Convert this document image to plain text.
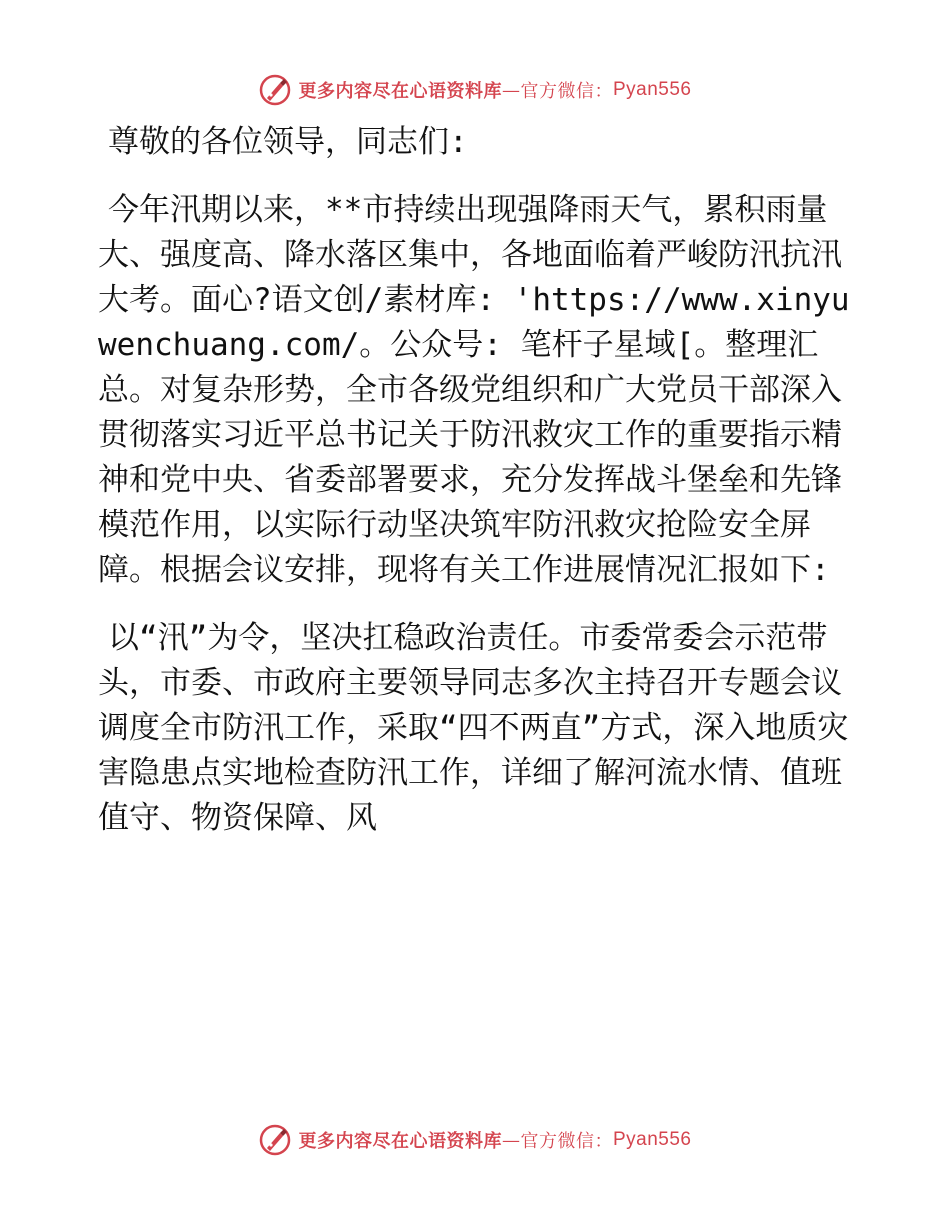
更多内容尽在心语资料库 — 官方微信： Pyan556

尊敬的各位领导，同志们:

今年汛期以来，**市持续出现强降雨天气，累积雨量大、强度高、降水落区集中，各地面临着严峻防汛抗汛大考。面心?语文创/素材库: 'https://www.xinyuwenchuang.com/。公众号: 笔杆子星域[。整理汇总。对复杂形势，全市各级党组织和广大党员干部深入贯彻落实习近平总书记关于防汛救灾工作的重要指示精神和党中央、省委部署要求，充分发挥战斗堡垒和先锋模范作用，以实际行动坚决筑牢防汛救灾抢险安全屏障。根据会议安排，现将有关工作进展情况汇报如下:

以“汛”为令，坚决扛稳政治责任。市委常委会示范带头，市委、市政府主要领导同志多次主持召开专题会议调度全市防汛工作，采取“四不两直”方式，深入地质灾害隐患点实地检查防汛工作，详细了解河流水情、值班值守、物资保障、风

更多内容尽在心语资料库 — 官方微信： Pyan556
